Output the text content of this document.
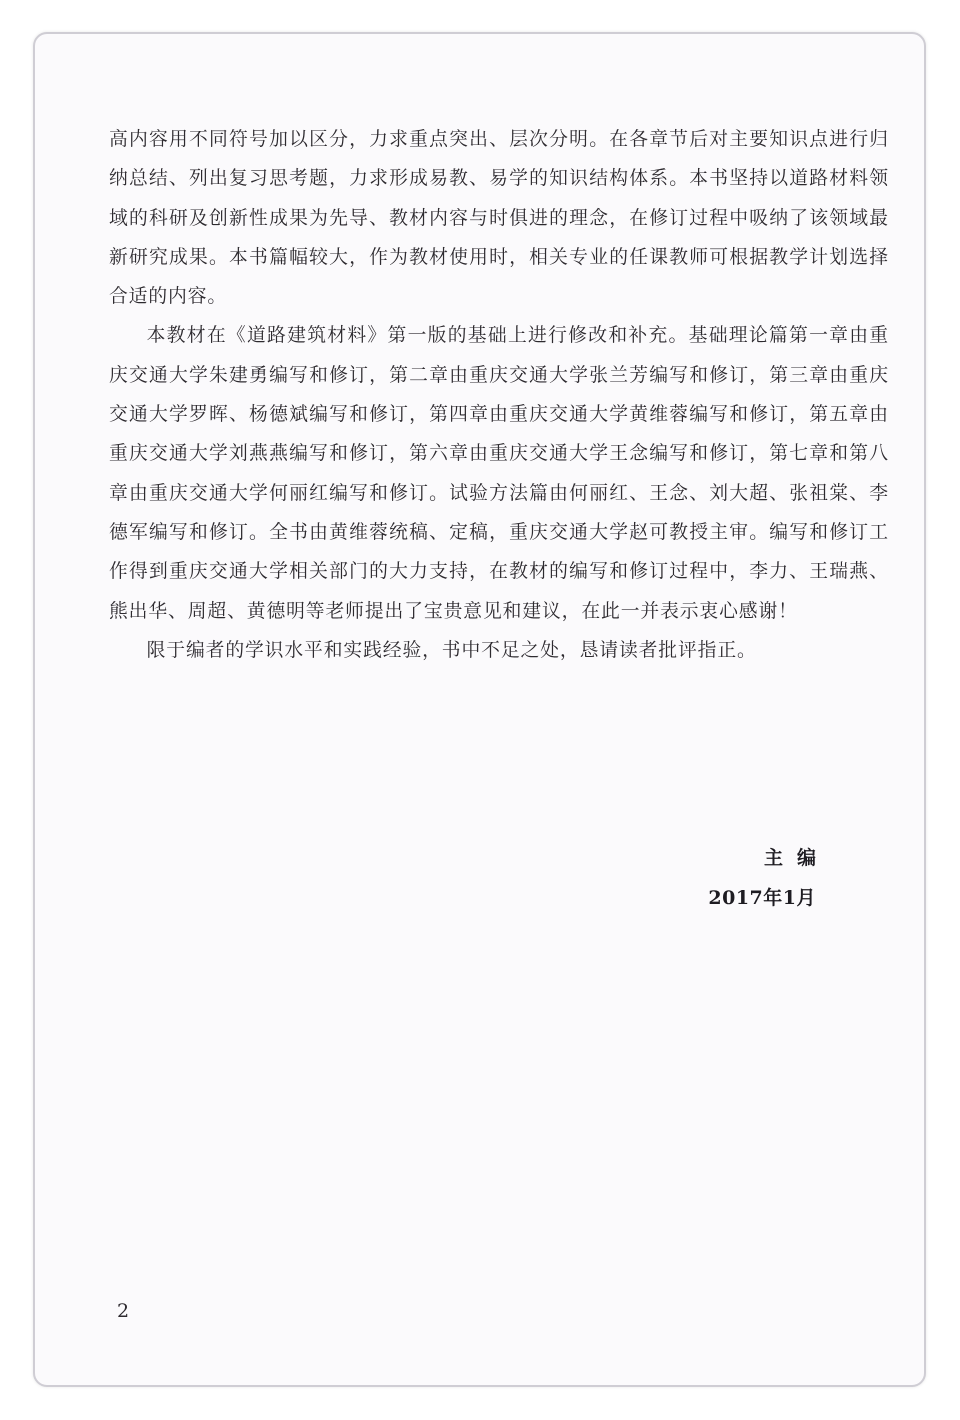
高内容用不同符号加以区分，力求重点突出、层次分明。在各章节后对主要知识点进行归纳总结、列出复习思考题，力求形成易教、易学的知识结构体系。本书坚持以道路材料领域的科研及创新性成果为先导、教材内容与时俱进的理念，在修订过程中吸纳了该领域最新研究成果。本书篇幅较大，作为教材使用时，相关专业的任课教师可根据教学计划选择合适的内容。

本教材在《道路建筑材料》第一版的基础上进行修改和补充。基础理论篇第一章由重庆交通大学朱建勇编写和修订，第二章由重庆交通大学张兰芳编写和修订，第三章由重庆交通大学罗晖、杨德斌编写和修订，第四章由重庆交通大学黄维蓉编写和修订，第五章由重庆交通大学刘燕燕编写和修订，第六章由重庆交通大学王念编写和修订，第七章和第八章由重庆交通大学何丽红编写和修订。试验方法篇由何丽红、王念、刘大超、张祖棠、李德军编写和修订。全书由黄维蓉统稿、定稿，重庆交通大学赵可教授主审。编写和修订工作得到重庆交通大学相关部门的大力支持，在教材的编写和修订过程中，李力、王瑞燕、熊出华、周超、黄德明等老师提出了宝贵意见和建议，在此一并表示衷心感谢！

限于编者的学识水平和实践经验，书中不足之处，恳请读者批评指正。

主编
2017年1月
2
